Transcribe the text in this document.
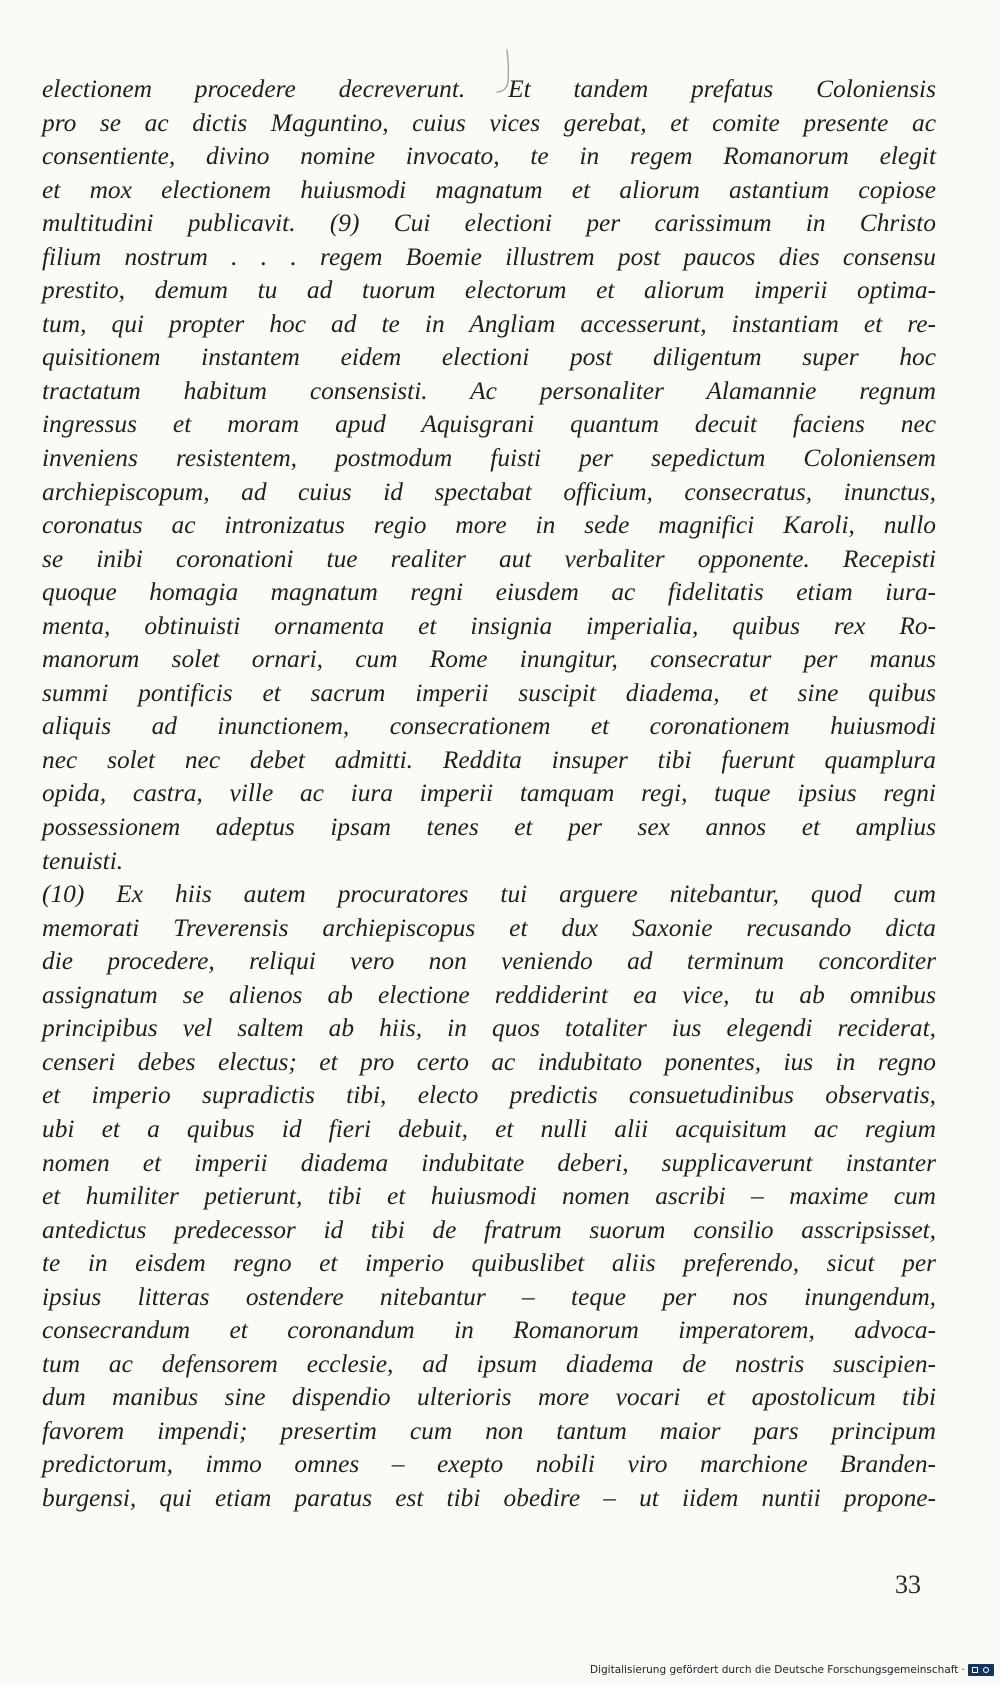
electionem procedere decreverunt. Et tandem prefatus Coloniensis
pro se ac dictis Maguntino, cuius vices gerebat, et comite presente ac
consentiente, divino nomine invocato, te in regem Romanorum elegit
et mox electionem huiusmodi magnatum et aliorum astantium copiose
multitudini publicavit. (9) Cui electioni per carissimum in Christo
filium nostrum . . . regem Boemie illustrem post paucos dies consensu
prestito, demum tu ad tuorum electorum et aliorum imperii optima-
tum, qui propter hoc ad te in Angliam accesserunt, instantiam et re-
quisitionem instantem eidem electioni post diligentum super hoc
tractatum habitum consensisti. Ac personaliter Alamannie regnum
ingressus et moram apud Aquisgrani quantum decuit faciens nec
inveniens resistentem, postmodum fuisti per sepedictum Coloniensem
archiepiscopum, ad cuius id spectabat officium, consecratus, inunctus,
coronatus ac intronizatus regio more in sede magnifici Karoli, nullo
se inibi coronationi tue realiter aut verbaliter opponente. Recepisti
quoque homagia magnatum regni eiusdem ac fidelitatis etiam iura-
menta, obtinuisti ornamenta et insignia imperialia, quibus rex Ro-
manorum solet ornari, cum Rome inungitur, consecratur per manus
summi pontificis et sacrum imperii suscipit diadema, et sine quibus
aliquis ad inunctionem, consecrationem et coronationem huiusmodi
nec solet nec debet admitti. Reddita insuper tibi fuerunt quamplura
opida, castra, ville ac iura imperii tamquam regi, tuque ipsius regni
possessionem adeptus ipsam tenes et per sex annos et amplius
tenuisti.
(10) Ex hiis autem procuratores tui arguere nitebantur, quod cum
memorati Treverensis archiepiscopus et dux Saxonie recusando dicta
die procedere, reliqui vero non veniendo ad terminum concorditer
assignatum se alienos ab electione reddiderint ea vice, tu ab omnibus
principibus vel saltem ab hiis, in quos totaliter ius elegendi reciderat,
censeri debes electus; et pro certo ac indubitato ponentes, ius in regno
et imperio supradictis tibi, electo predictis consuetudinibus observatis,
ubi et a quibus id fieri debuit, et nulli alii acquisitum ac regium
nomen et imperii diadema indubitate deberi, supplicaverunt instanter
et humiliter petierunt, tibi et huiusmodi nomen ascribi – maxime cum
antedictus predecessor id tibi de fratrum suorum consilio asscripsisset,
te in eisdem regno et imperio quibuslibet aliis preferendo, sicut per
ipsius litteras ostendere nitebantur – teque per nos inungendum,
consecrandum et coronandum in Romanorum imperatorem, advoca-
tum ac defensorem ecclesie, ad ipsum diadema de nostris suscipien-
dum manibus sine dispendio ulterioris more vocari et apostolicum tibi
favorem impendi; presertim cum non tantum maior pars principum
predictorum, immo omnes – exepto nobili viro marchione Branden-
burgensi, qui etiam paratus est tibi obedire – ut iidem nuntii propone-
33
Digitalisierung gefördert durch die Deutsche Forschungsgemeinschaft ·
